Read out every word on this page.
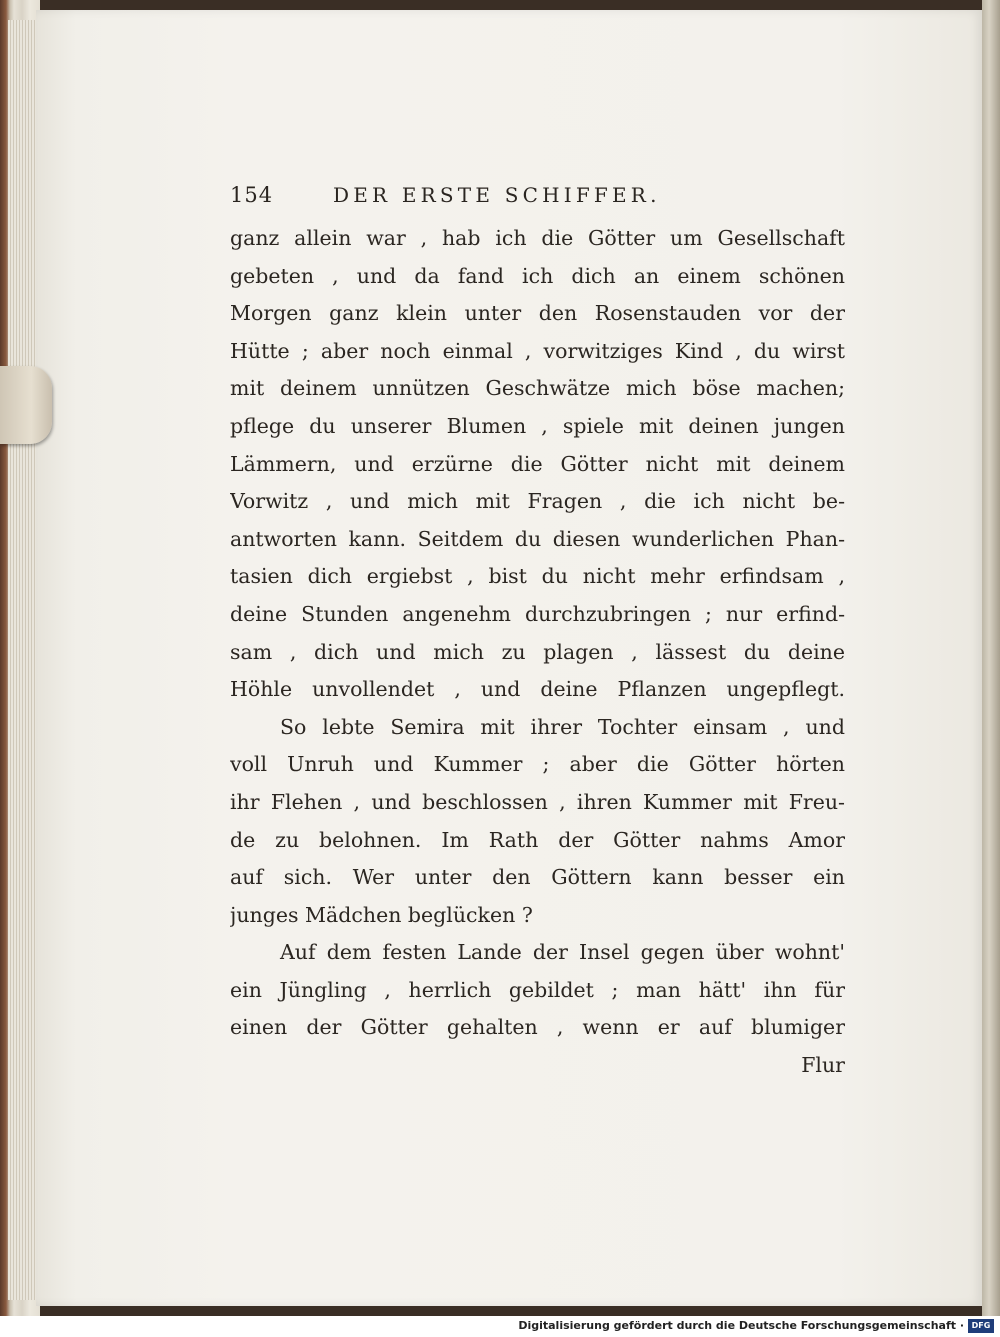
154	DER ERSTE SCHIFFER.
ganz allein war , hab ich die Götter um Gesellschaft
gebeten , und da fand ich dich an einem schönen
Morgen ganz klein unter den Rosenstauden vor der
Hütte ; aber noch einmal , vorwitziges Kind , du wirst
mit deinem unnützen Geschwätze mich böse machen;
pflege du unserer Blumen , spiele mit deinen jungen
Lämmern, und erzürne die Götter nicht mit deinem
Vorwitz , und mich mit Fragen , die ich nicht be-
antworten kann. Seitdem du diesen wunderlichen Phan-
tasien dich ergiebst , bist du nicht mehr erfindsam ,
deine Stunden angenehm durchzubringen ; nur erfind-
sam , dich und mich zu plagen , lässest du deine
Höhle unvollendet , und deine Pflanzen ungepflegt.
So lebte Semira mit ihrer Tochter einsam , und
voll Unruh und Kummer ; aber die Götter hörten
ihr Flehen , und beschlossen , ihren Kummer mit Freu-
de zu belohnen. Im Rath der Götter nahms Amor
auf sich. Wer unter den Göttern kann besser ein
junges Mädchen beglücken ?
Auf dem festen Lande der Insel gegen über wohnt'
ein Jüngling , herrlich gebildet ; man hätt' ihn für
einen der Götter gehalten , wenn er auf blumiger
Flur
Digitalisierung gefördert durch die Deutsche Forschungsgemeinschaft · DFG
